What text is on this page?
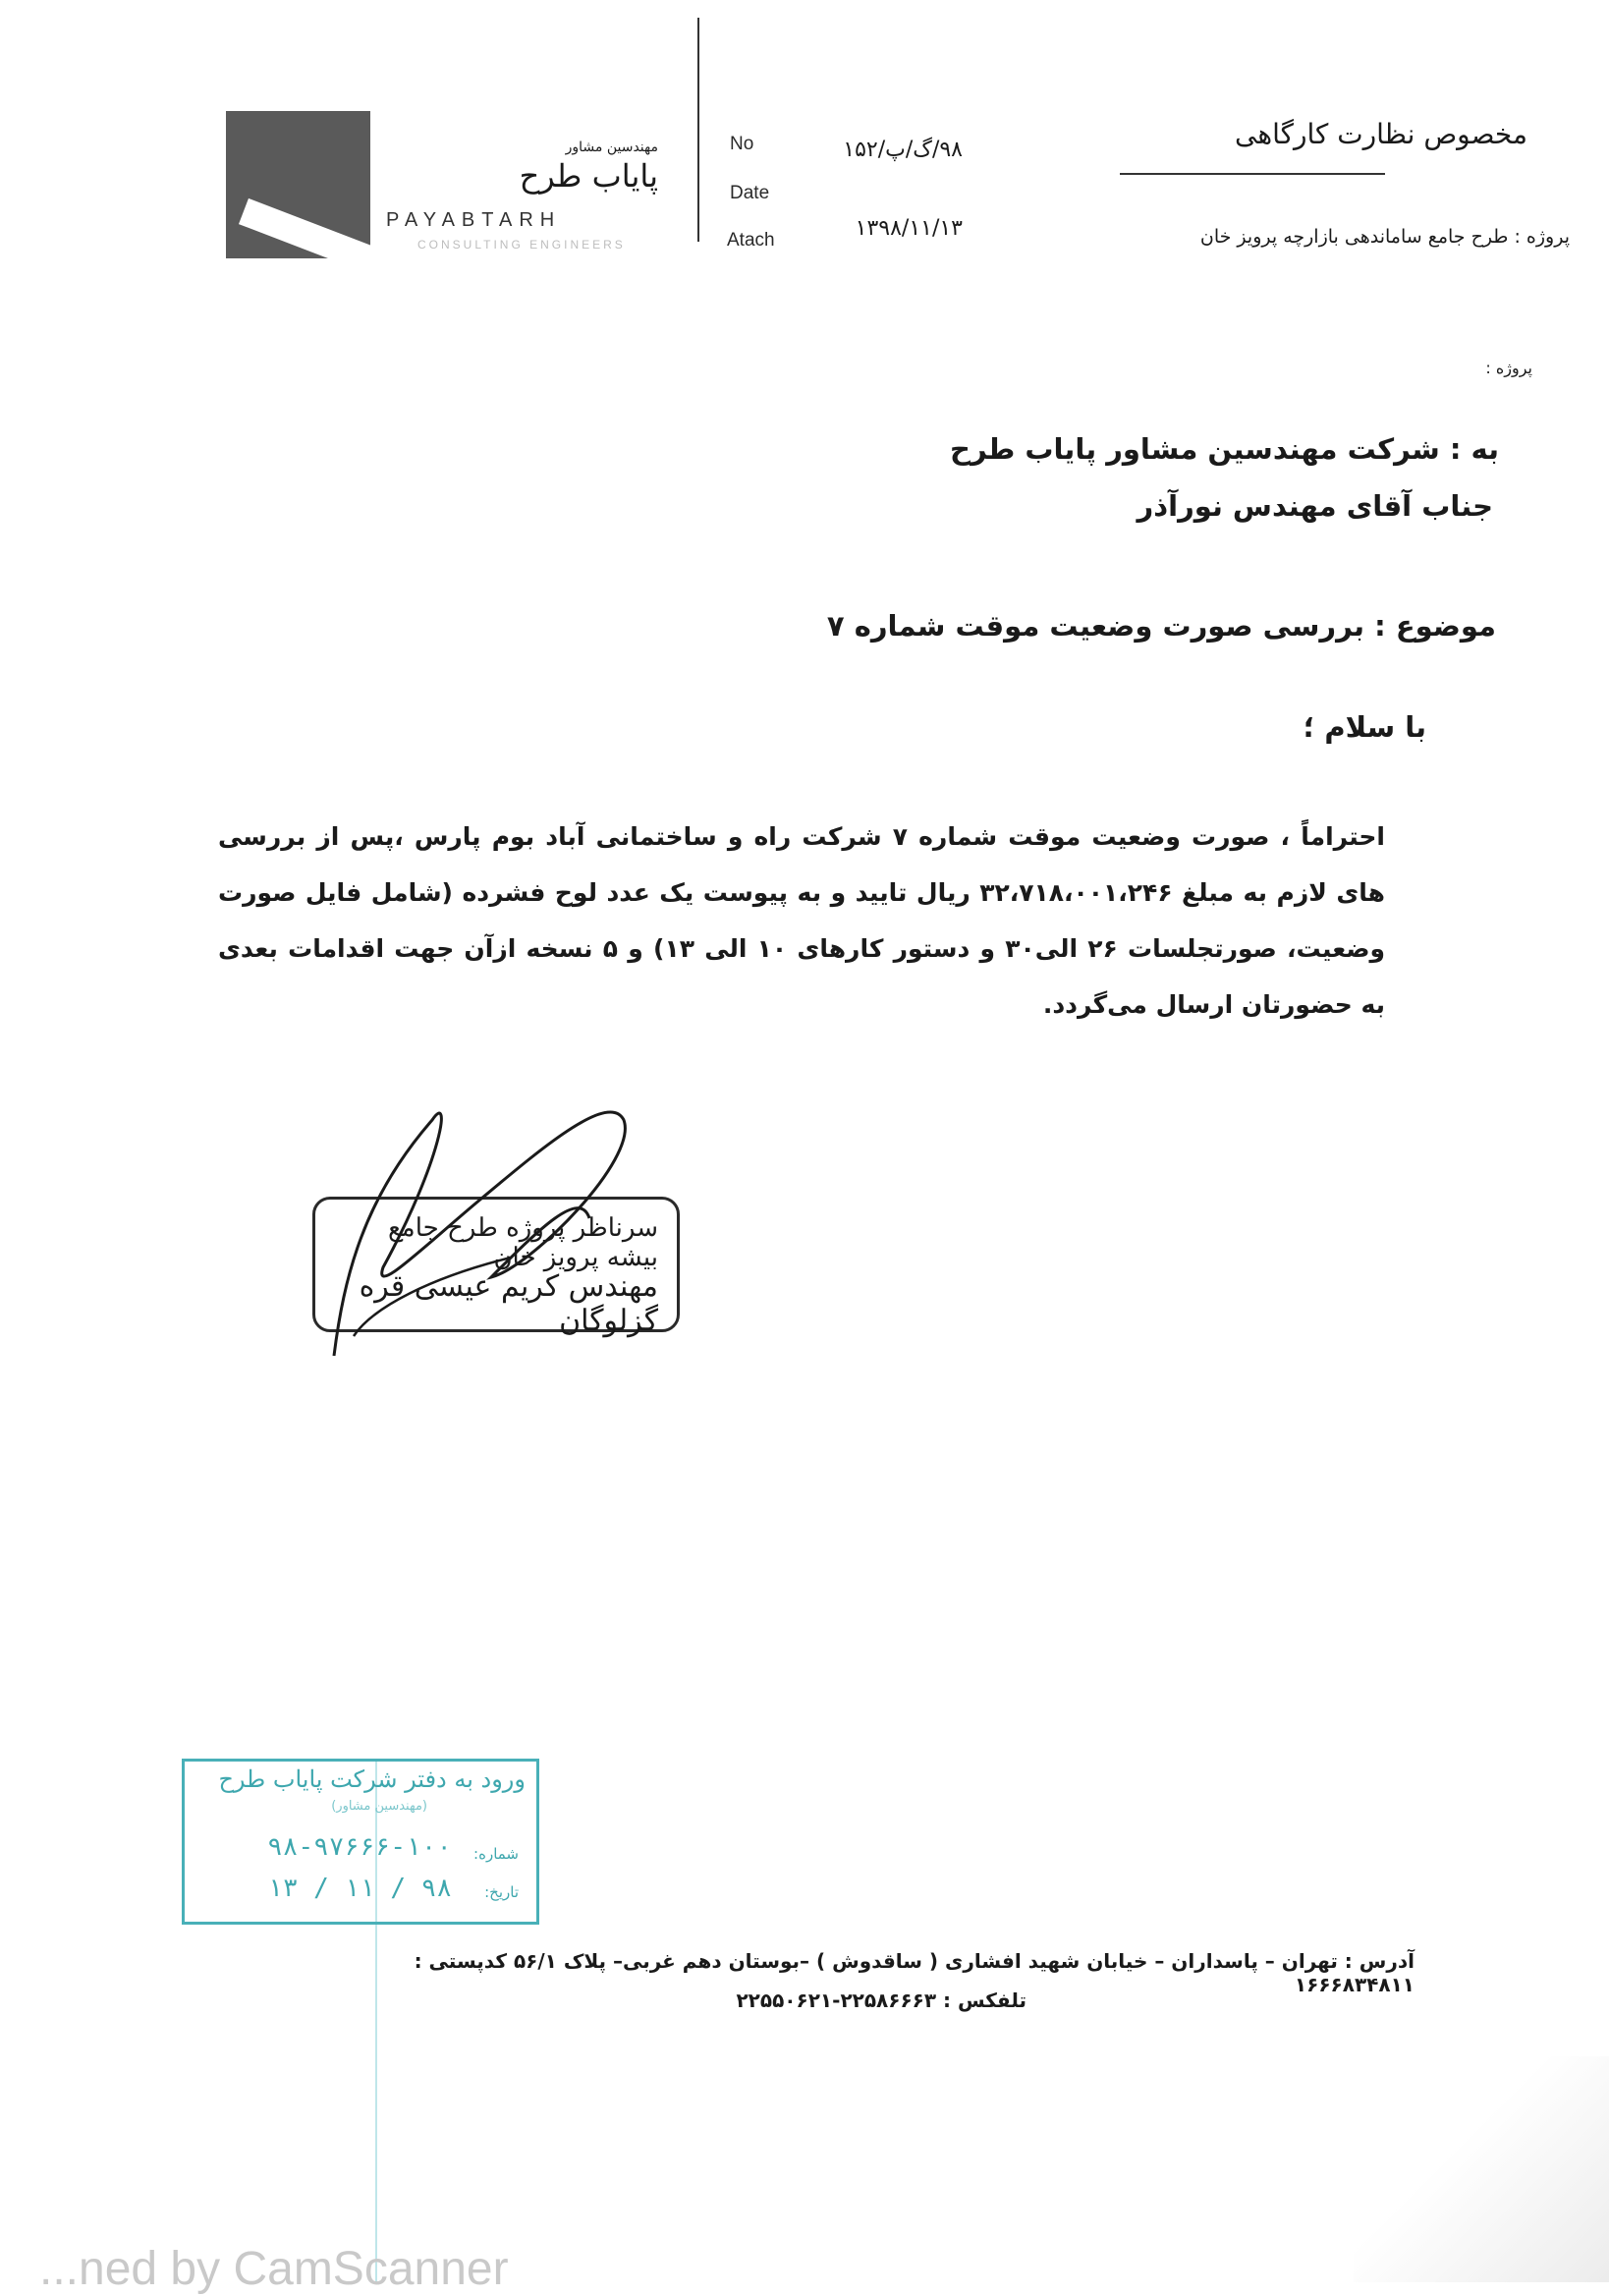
مهندسین مشاور
پایاب طرح
PAYABTARH
CONSULTING ENGINEERS
No
Date
Atach
۹۸/گ/پ/۱۵۲
۱۳۹۸/۱۱/۱۳
مخصوص نظارت کارگاهی
پروژه : طرح جامع ساماندهی بازارچه پرویز خان
پروژه :
به : شرکت مهندسین مشاور پایاب طرح
جناب آقای مهندس نورآذر
موضوع : بررسی صورت وضعیت موقت شماره ۷
با سلام ؛
احتراماً ، صورت وضعیت موقت شماره ۷ شرکت راه و ساختمانی آباد بوم پارس ،پس از بررسی های لازم به مبلغ ۳۲،۷۱۸،۰۰۱،۲۴۶ ریال تایید و به پیوست یک عدد لوح فشرده (شامل فایل صورت وضعیت، صورتجلسات ۲۶ الی۳۰ و دستور کارهای ۱۰ الی ۱۳) و ۵ نسخه ازآن جهت اقدامات بعدی به حضورتان ارسال می‌گردد.
سرناظر پروژه طرح جامع بیشه پرویز خان
مهندس کریم عیسی قره گزلوگان
ورود به دفتر شرکت پایاب طرح
(مهندسین مشاور)
شماره:
۹۸-۹۷۶۶۶-۱۰۰
تاریخ:
۹۸ / ۱۱ / ۱۳
آدرس : تهران – پاسداران – خیابان شهید افشاری ( ساقدوش ) –بوستان دهم غربی– پلاک ۵۶/۱ کدپستی : ۱۶۶۶۸۳۴۸۱۱
تلفکس : ۲۲۵۸۶۶۶۳-۲۲۵۵۰۶۲۱
...ned by CamScanner
